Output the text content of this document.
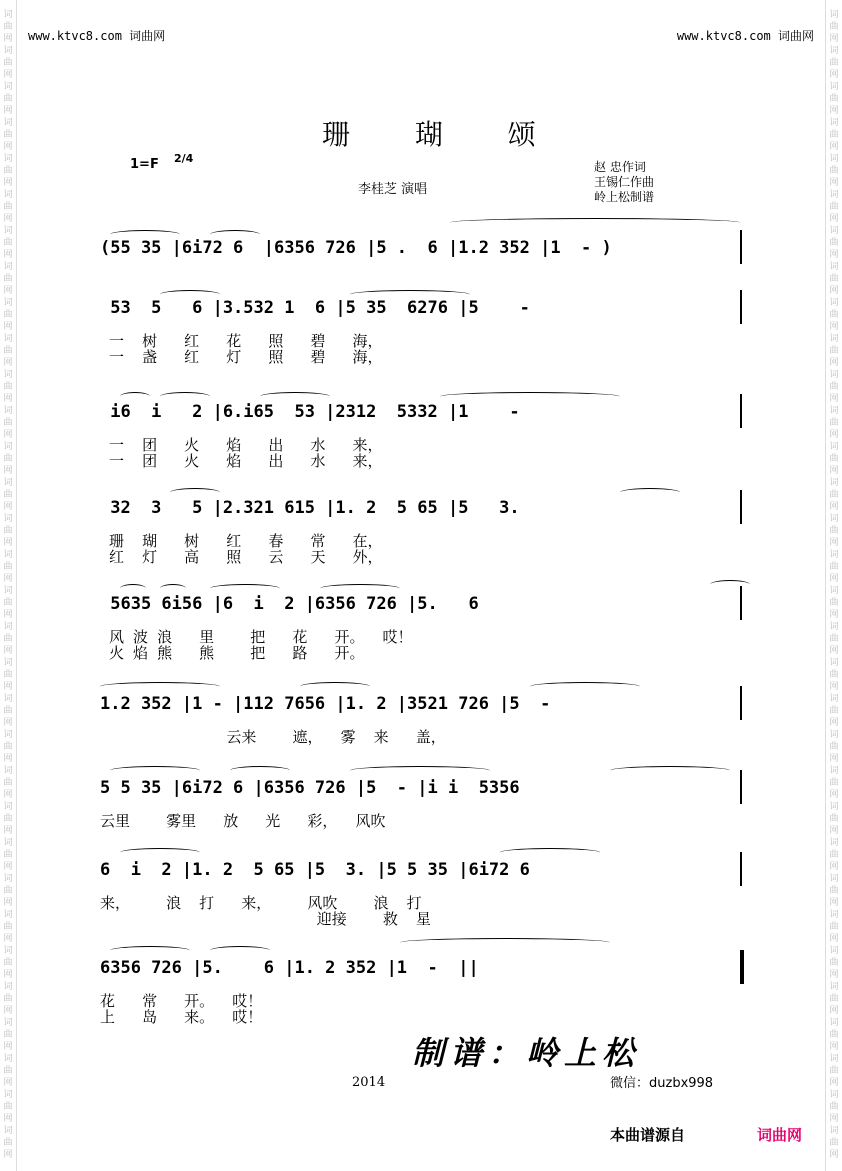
词
曲
网
词
曲
网
词
曲
网
词
曲
网
词
曲
网
词
曲
网
词
曲
网
词
曲
网
词
曲
网
词
曲
网
词
曲
网
词
曲
网
词
曲
网
词
曲
网
词
曲
网
词
曲
网
词
曲
网
词
曲
网
词
曲
网
词
曲
网
词
曲
网
词
曲
网
词
曲
网
词
曲
网
词
曲
网
词
曲
网
词
曲
网
词
曲
网
词
曲
网
词
曲
网
词
曲
网
词
曲
网
词
曲
网
词
曲
网
词
曲
网
词
曲
网
词
曲
网
词
曲
网
词
曲
网
词
曲
网
词
曲
网
词
曲
网
词
曲
网
词
曲
网
词
曲
网
词
曲
网
词
曲
网
词
曲
网
词
曲
网
词
曲
网
词
曲
网
词
曲
网
词
曲
网
词
曲
网
词
曲
网
词
曲
网
词
曲
网
词
曲
网
词
曲
网
词
曲
网
词
曲
网
词
曲
网
词
曲
网
词
曲
网
www.ktvc8.com 词曲网	www.ktvc8.com 词曲网
珊 瑚 颂
1=F 2/4
李桂芝 演唱
赵 忠作词
王锡仁作曲
岭上松制谱
(55 35 |6i72 6  |6356 726 |5 .  6 |1.2 352 |1  - )
53  5   6 |3.532 1  6 |5 35  6276 |5    -
一  树   红   花   照   碧   海，
一  盏   红   灯   照   碧   海，
i6  i   2 |6.i65  53 |2312  5332 |1    -
一  团   火   焰   出   水   来，
一  团   火   焰   出   水   来，
32  3   5 |2.321 615 |1. 2  5 65 |5   3.
珊  瑚   树   红   春   常   在，
红  灯   高   照   云   天   外，
5635 6i56 |6  i  2 |6356 726 |5.   6
风 波 浪   里    把   花   开。  哎！
火 焰 熊   熊    把   路   开。
1.2 352 |1 - |112 7656 |1. 2 |3521 726 |5  -
云来    遮，  雾  来   盖，
5 5 35 |6i72 6 |6356 726 |5  - |i i  5356
云里    雾里   放   光   彩，  风吹
6  i  2 |1. 2  5 65 |5  3. |5 5 35 |6i72 6
来，    浪  打   来，    风吹    浪  打
迎接    救  星
6356 726 |5.    6 |1. 2 352 |1  -  ||
花   常   开。  哎！
上   岛   来。  哎！
制谱：岭上松
2014	微信：duzbx998
本曲谱源自	词曲网
